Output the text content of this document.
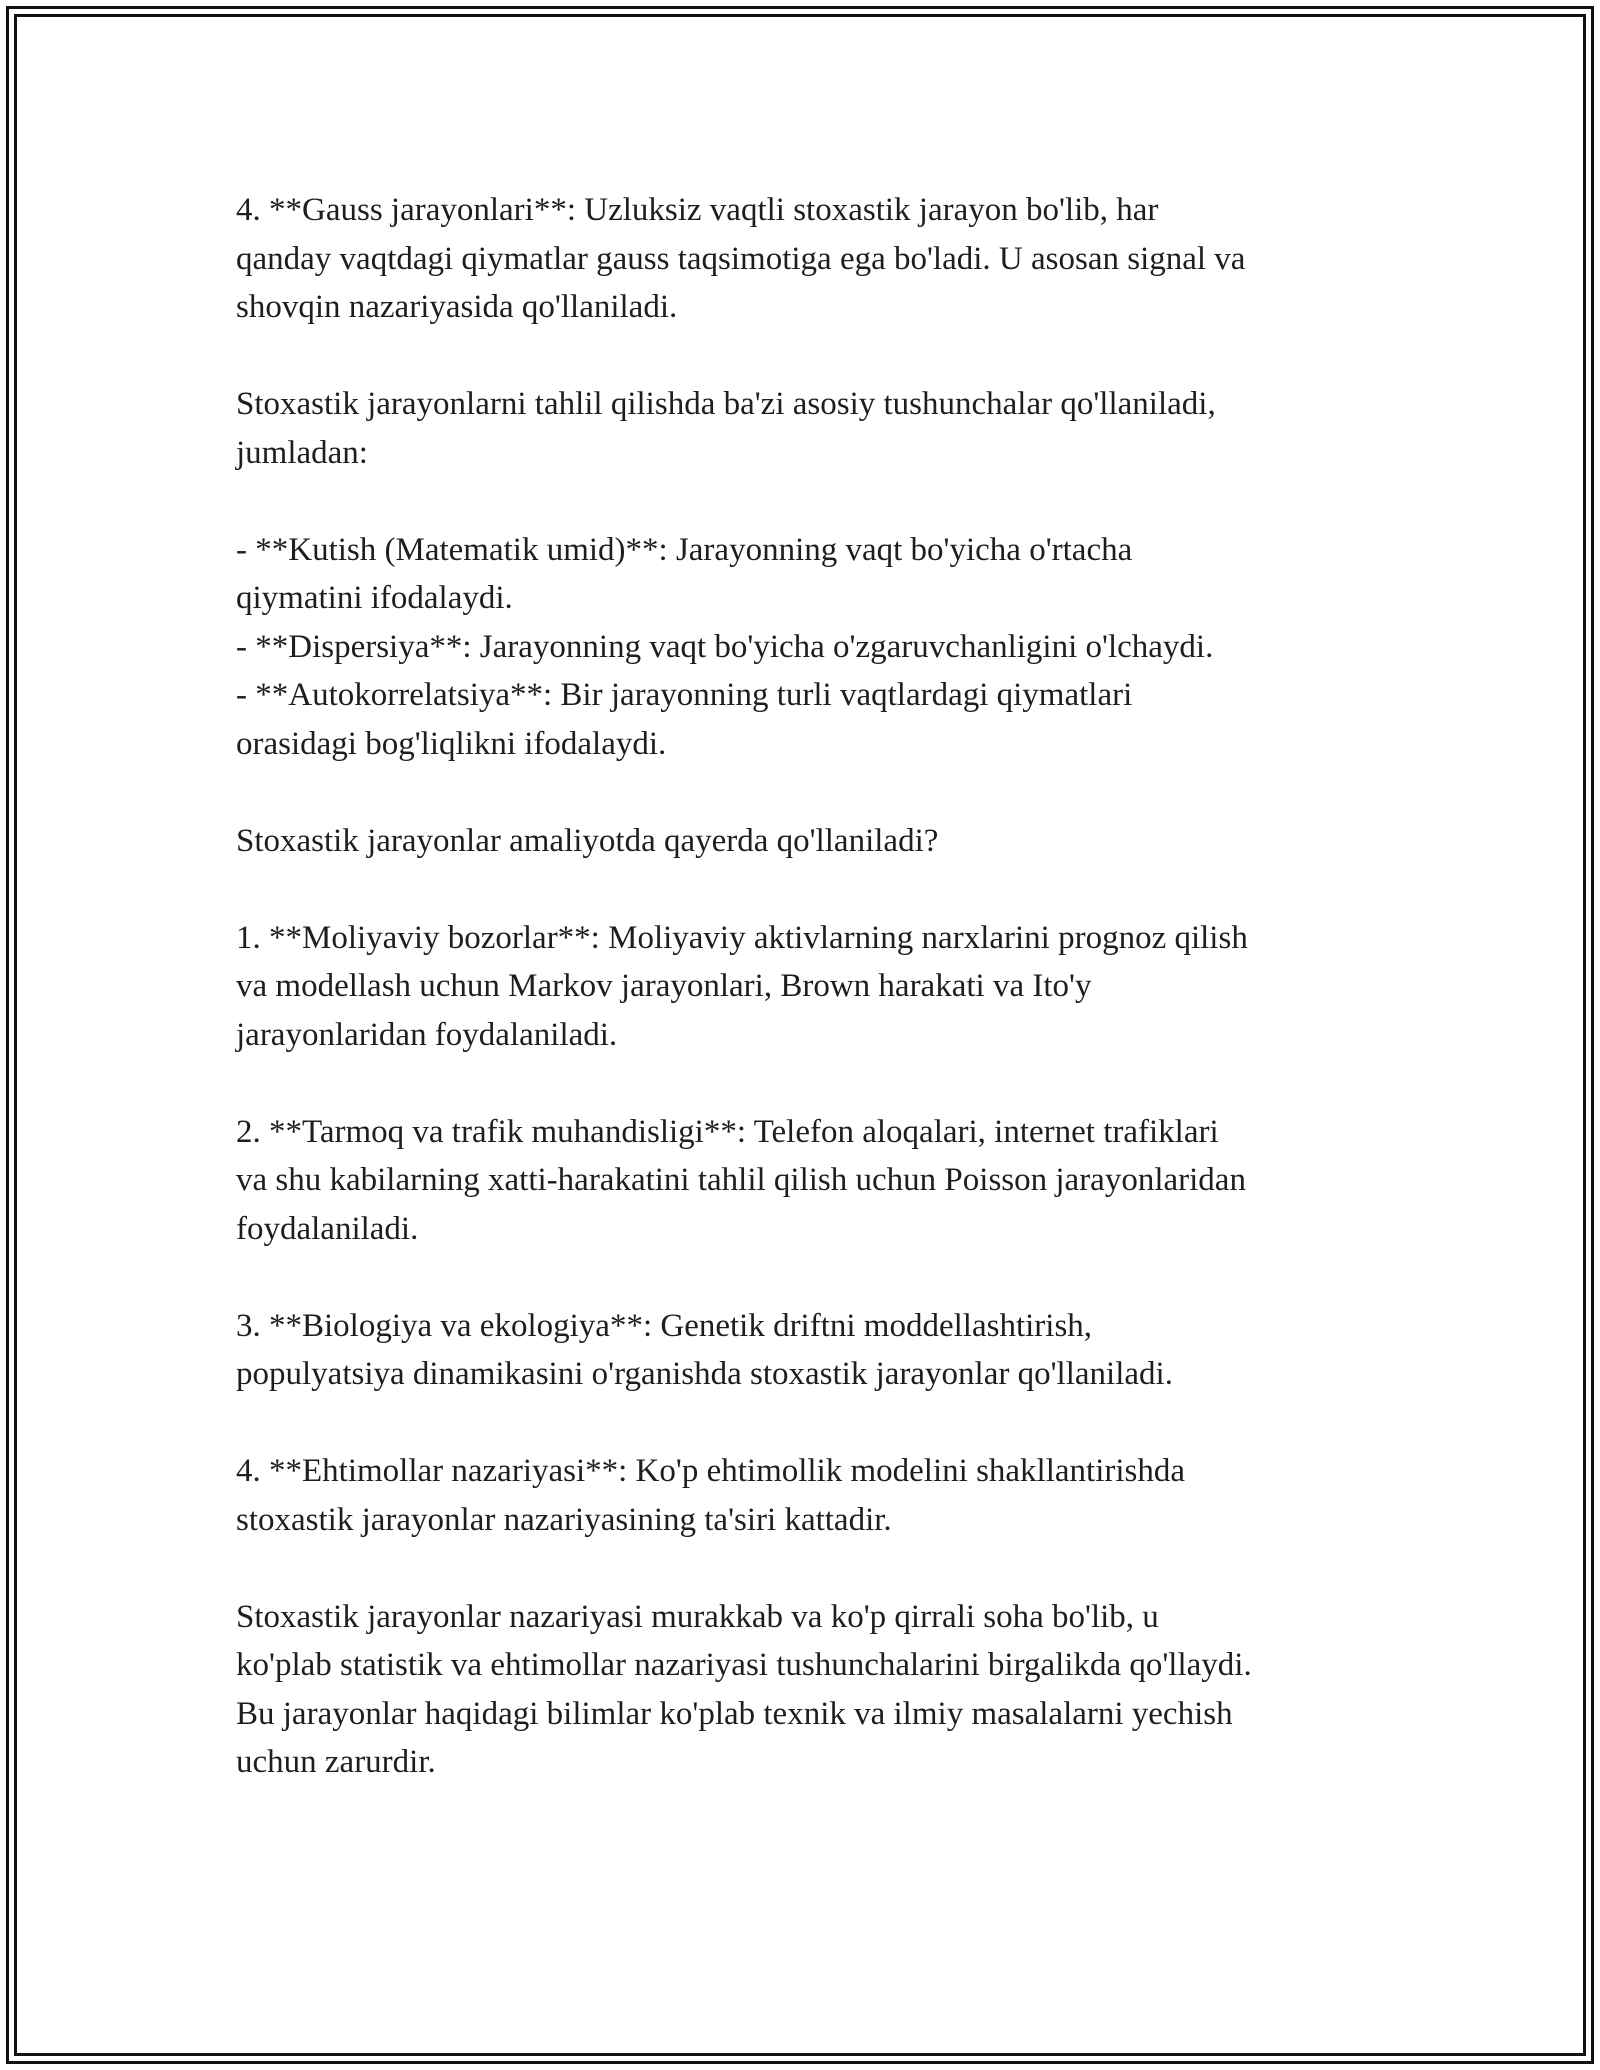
4. **Gauss jarayonlari**: Uzluksiz vaqtli stoxastik jarayon bo'lib, har
qanday vaqtdagi qiymatlar gauss taqsimotiga ega bo'ladi. U asosan signal va
shovqin nazariyasida qo'llaniladi.

Stoxastik jarayonlarni tahlil qilishda ba'zi asosiy tushunchalar qo'llaniladi,
jumladan:

- **Kutish (Matematik umid)**: Jarayonning vaqt bo'yicha o'rtacha
qiymatini ifodalaydi.
- **Dispersiya**: Jarayonning vaqt bo'yicha o'zgaruvchanligini o'lchaydi.
- **Autokorrelatsiya**: Bir jarayonning turli vaqtlardagi qiymatlari
orasidagi bog'liqlikni ifodalaydi.

Stoxastik jarayonlar amaliyotda qayerda qo'llaniladi?

1. **Moliyaviy bozorlar**: Moliyaviy aktivlarning narxlarini prognoz qilish
va modellash uchun Markov jarayonlari, Brown harakati va Ito'y
jarayonlaridan foydalaniladi.

2. **Tarmoq va trafik muhandisligi**: Telefon aloqalari, internet trafiklari
va shu kabilarning xatti-harakatini tahlil qilish uchun Poisson jarayonlaridan
foydalaniladi.

3. **Biologiya va ekologiya**: Genetik driftni moddellashtirish,
populyatsiya dinamikasini o'rganishda stoxastik jarayonlar qo'llaniladi.

4. **Ehtimollar nazariyasi**: Ko'p ehtimollik modelini shakllantirishda
stoxastik jarayonlar nazariyasining ta'siri kattadir.

Stoxastik jarayonlar nazariyasi murakkab va ko'p qirrali soha bo'lib, u
ko'plab statistik va ehtimollar nazariyasi tushunchalarini birgalikda qo'llaydi.
Bu jarayonlar haqidagi bilimlar ko'plab texnik va ilmiy masalalarni yechish
uchun zarurdir.
